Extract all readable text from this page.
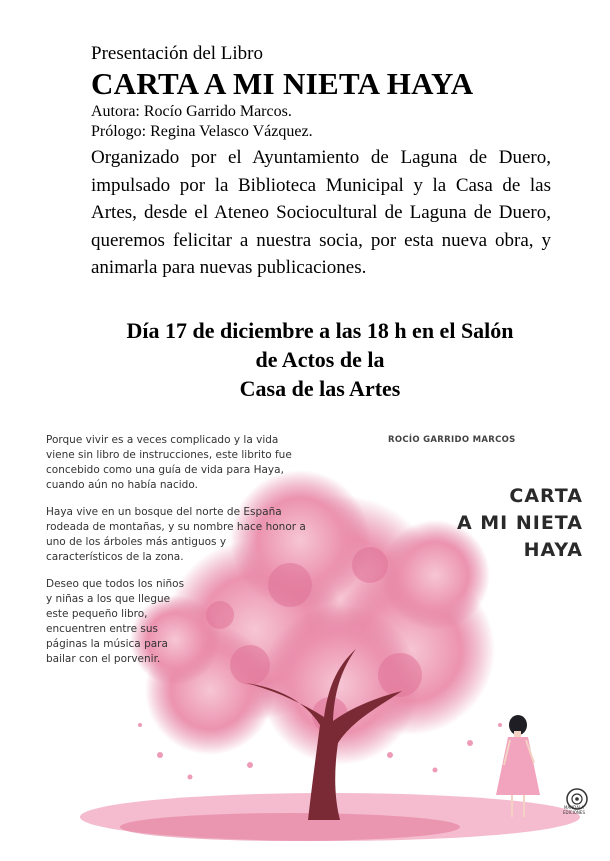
Presentación del Libro
CARTA A MI NIETA HAYA
Autora: Rocío Garrido Marcos.
Prólogo: Regina Velasco Vázquez.
Organizado por el Ayuntamiento de Laguna de Duero, impulsado por la Biblioteca Municipal y la Casa de las Artes, desde el Ateneo Sociocultural de Laguna de Duero, queremos felicitar a nuestra socia, por esta nueva obra, y animarla para nuevas publicaciones.
Día 17 de diciembre a las 18 h en el Salón
de Actos de la
Casa de las Artes

Porque vivir es a veces complicado y la vida viene sin libro de instrucciones, este librito fue concebido como una guía de vida para Haya, cuando aún no había nacido.

Haya vive en un bosque del norte de España rodeada de montañas, y su nombre hace honor a uno de los árboles más antiguos y característicos de la zona.

Deseo que todos los niños y niñas a los que llegue este pequeño libro, encuentren entre sus páginas la música para bailar con el porvenir.

ROCÍO GARRIDO MARCOS
CARTA
A MI NIETA
HAYA
MANDALA EDICIONES
